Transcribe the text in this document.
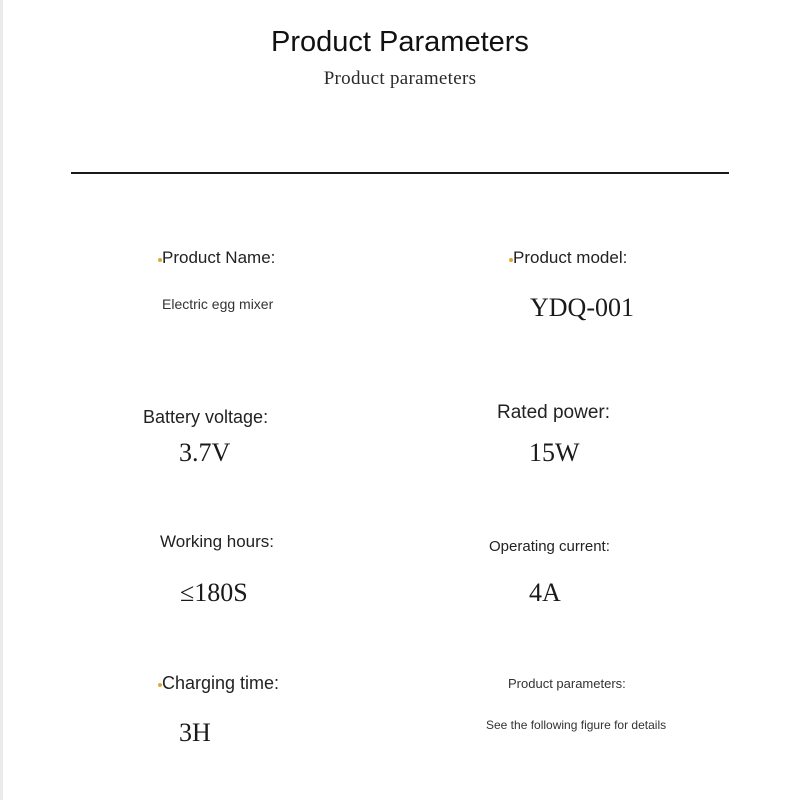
Product Parameters
Product parameters
Product Name:
Electric egg mixer
Product model:
YDQ-001
Battery voltage:
3.7V
Rated power:
15W
Working hours:
≤180S
Operating current:
4A
Charging time:
3H
Product parameters:
See the following figure for details
